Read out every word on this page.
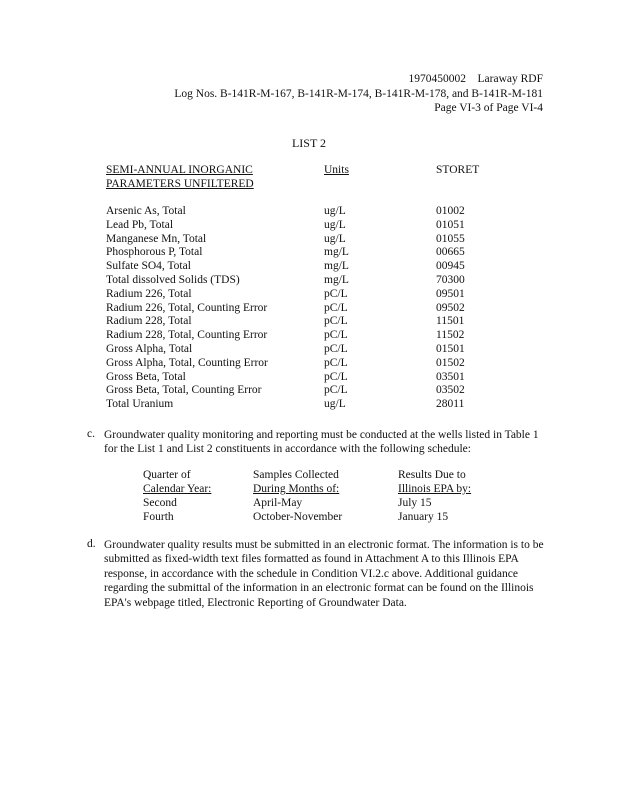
1970450002    Laraway RDF
Log Nos. B-141R-M-167, B-141R-M-174, B-141R-M-178, and B-141R-M-181
Page VI-3 of Page VI-4
LIST 2
SEMI-ANNUAL INORGANIC
PARAMETERS UNFILTERED
Units	STORET
Arsenic As, Total	ug/L	01002
Lead Pb, Total	ug/L	01051
Manganese Mn, Total	ug/L	01055
Phosphorous P, Total	mg/L	00665
Sulfate SO4, Total	mg/L	00945
Total dissolved Solids (TDS)	mg/L	70300
Radium 226, Total	pC/L	09501
Radium 226, Total, Counting Error	pC/L	09502
Radium 228, Total	pC/L	11501
Radium 228, Total, Counting Error	pC/L	11502
Gross Alpha, Total	pC/L	01501
Gross Alpha, Total, Counting Error	pC/L	01502
Gross Beta, Total	pC/L	03501
Gross Beta, Total, Counting Error	pC/L	03502
Total Uranium	ug/L	28011
c. Groundwater quality monitoring and reporting must be conducted at the wells listed in Table 1 for the List 1 and List 2 constituents in accordance with the following schedule:
Quarter of	Samples Collected	Results Due to
Calendar Year:	During Months of:	Illinois EPA by:
Second	April-May	July 15
Fourth	October-November	January 15
d. Groundwater quality results must be submitted in an electronic format. The information is to be submitted as fixed-width text files formatted as found in Attachment A to this Illinois EPA response, in accordance with the schedule in Condition VI.2.c above. Additional guidance regarding the submittal of the information in an electronic format can be found on the Illinois EPA's webpage titled, Electronic Reporting of Groundwater Data.
